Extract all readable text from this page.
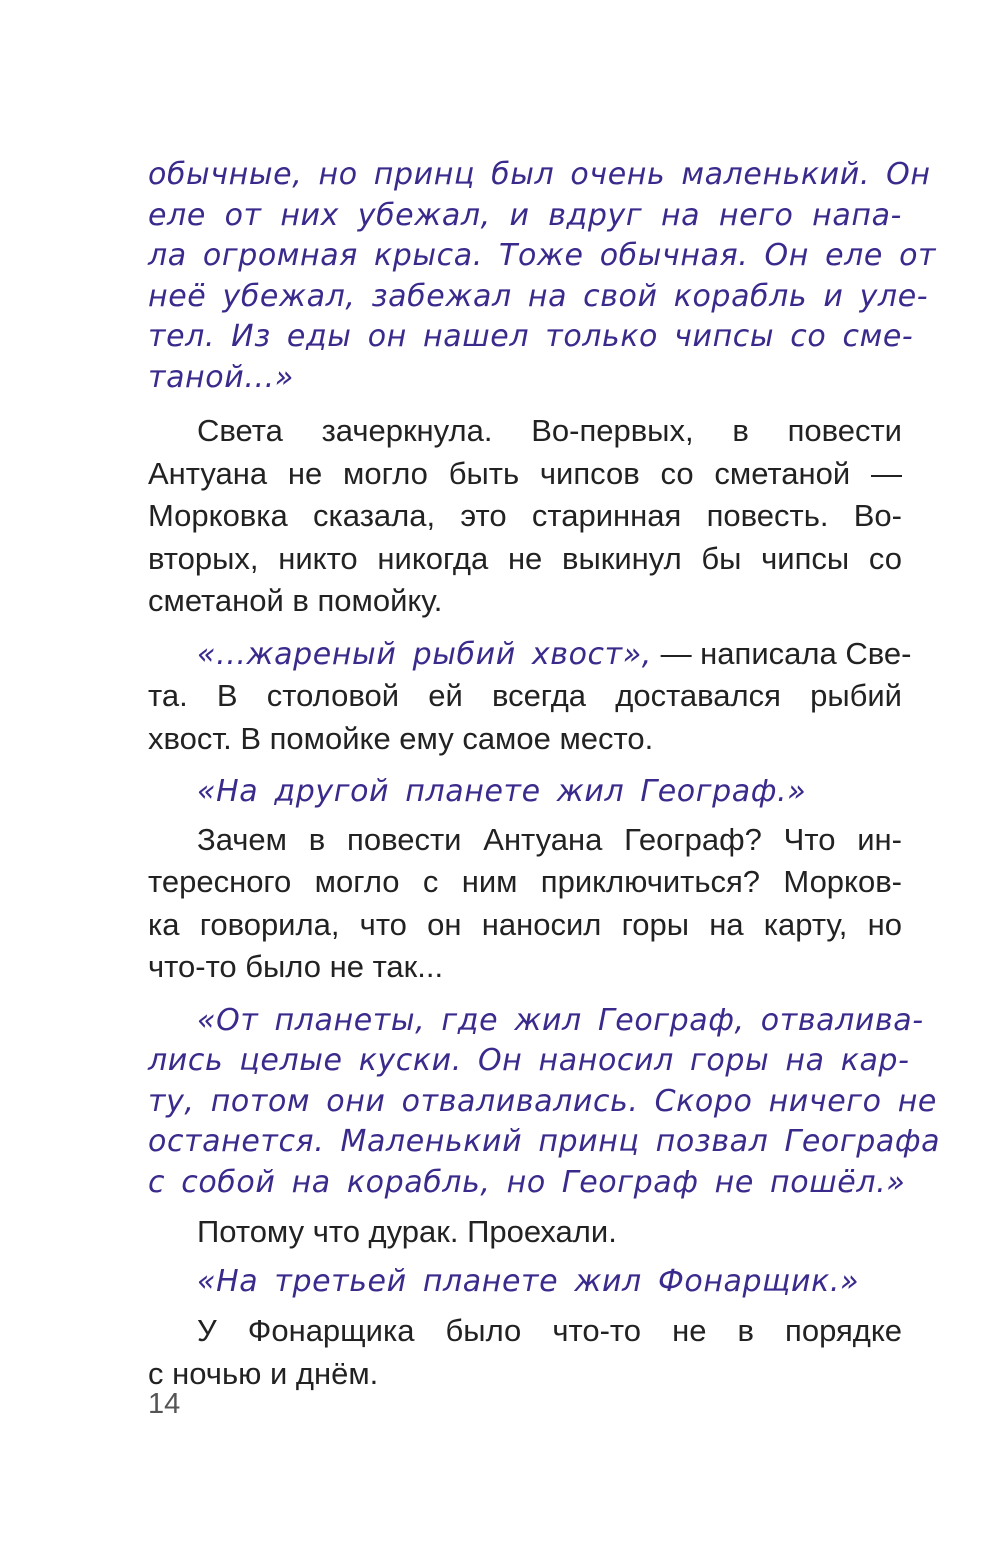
обычные, но принц был очень маленький. Он
еле от них убежал, и вдруг на него напа-
ла огромная крыса. Тоже обычная. Он еле от
неё убежал, забежал на свой корабль и уле-
тел. Из еды он нашел только чипсы со сме-
таной...»
Света зачеркнула. Во-первых, в повести
Антуана не могло быть чипсов со сметаной —
Морковка сказала, это старинная повесть. Во-
вторых, никто никогда не выкинул бы чипсы со
сметаной в помойку.
«...жареный рыбий хвост», — написала Све-
та. В столовой ей всегда доставался рыбий
хвост. В помойке ему самое место.
«На другой планете жил Географ.»
Зачем в повести Антуана Географ? Что ин-
тересного могло с ним приключиться? Морков-
ка говорила, что он наносил горы на карту, но
что-то было не так...
«От планеты, где жил Географ, отвалива-
лись целые куски. Он наносил горы на кар-
ту, потом они отваливались. Скоро ничего не
останется. Маленький принц позвал Географа
с собой на корабль, но Географ не пошёл.»
Потому что дурак. Проехали.
«На третьей планете жил Фонарщик.»
У Фонарщика было что-то не в порядке
с ночью и днём.
14
